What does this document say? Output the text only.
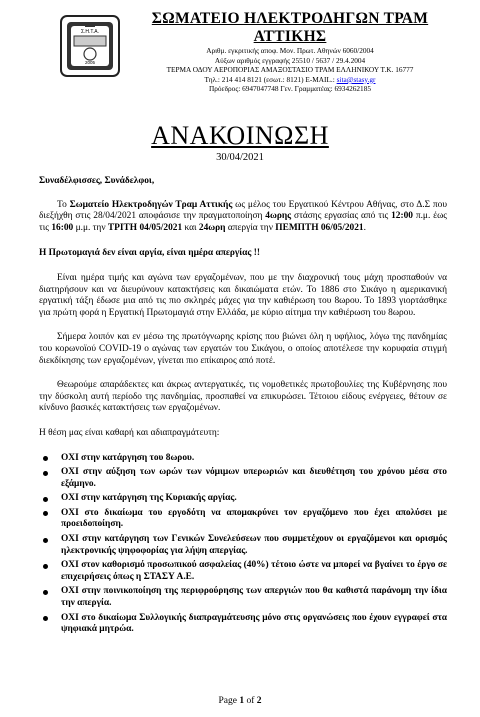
Σ.Η.Τ.Α.
2005
ΣΩΜΑΤΕΙΟ ΗΛΕΚΤΡΟΔΗΓΩΝ ΤΡΑΜ ΑΤΤΙΚΗΣ
Αριθμ. εγκριτικής αποφ. Μον. Πρωτ. Αθηνών 6060/2004
Αύξων αριθμός εγγραφής 25510 / 5637 / 29.4.2004
ΤΕΡΜΑ ΟΔΟΥ ΑΕΡΟΠΟΡΙΑΣ ΑΜΑΞΟΣΤΑΣΙΟ ΤΡΑΜ ΕΛΛΗΝΙΚΟΥ Τ.Κ. 16777
Τηλ.: 214 414 8121 (εσωτ.: 8121) E-MAIL.: sita@stasy.gr
Πρόεδρος: 6947047748 Γεν. Γραμματέας: 6934262185
ΑΝΑΚΟΙΝΩΣΗ
30/04/2021

Συναδέλφισσες, Συνάδελφοι,

Το Σωματείο Ηλεκτροδηγών Τραμ Αττικής ως μέλος του Εργατικού Κέντρου Αθήνας, στο Δ.Σ που διεξήχθη στις 28/04/2021 αποφάσισε την πραγματοποίηση 4ωρης στάσης εργασίας από τις 12:00 π.μ. έως τις 16:00 μ.μ. την ΤΡΙΤΗ 04/05/2021 και 24ωρη απεργία την ΠΕΜΠΤΗ 06/05/2021.

Η Πρωτομαγιά δεν είναι αργία, είναι ημέρα απεργίας !!

Είναι ημέρα τιμής και αγώνα των εργαζομένων, που με την διαχρονική τους μάχη προσπαθούν να διατηρήσουν και να διευρύνουν κατακτήσεις και δικαιώματα ετών. Το 1886 στο Σικάγο η αμερικανική εργατική τάξη έδωσε μια από τις πιο σκληρές μάχες για την καθιέρωση του 8ωρου. Το 1893 γιορτάσθηκε για πρώτη φορά η Εργατική Πρωτομαγιά στην Ελλάδα, με κύριο αίτημα την καθιέρωση του 8ωρου.

Σήμερα λοιπόν και εν μέσω της πρωτόγνωρης κρίσης που βιώνει όλη η υφήλιος, λόγω της πανδημίας του κορωνοϊού COVID-19 ο αγώνας των εργατών του Σικάγου, ο οποίος αποτέλεσε την κορυφαία στιγμή διεκδίκησης των εργαζομένων, γίνεται πιο επίκαιρος από ποτέ.

Θεωρούμε απαράδεκτες και άκρως αντεργατικές, τις νομοθετικές πρωτοβουλίες της Κυβέρνησης που την δύσκολη αυτή περίοδο της πανδημίας, προσπαθεί να επικυρώσει. Τέτοιου είδους ενέργειες, θέτουν σε κίνδυνο βασικές κατακτήσεις των εργαζομένων.

Η θέση μας είναι καθαρή και αδιαπραγμάτευτη:

ΟΧΙ στην κατάργηση του 8ωρου.
ΟΧΙ στην αύξηση των ωρών των νόμιμων υπερωριών και διευθέτηση του χρόνου μέσα στο εξάμηνο.
ΟΧΙ στην κατάργηση της Κυριακής αργίας.
ΟΧΙ στο δικαίωμα του εργοδότη να απομακρύνει τον εργαζόμενο που έχει απολύσει με προειδοποίηση.
ΟΧΙ στην κατάργηση των Γενικών Συνελεύσεων που συμμετέχουν οι εργαζόμενοι και ορισμός ηλεκτρονικής ψηφοφορίας για λήψη απεργίας.
ΟΧΙ στον καθορισμό προσωπικού ασφαλείας (40%) τέτοιο ώστε να μπορεί να βγαίνει το έργο σε επιχειρήσεις όπως η ΣΤΑΣΥ Α.Ε.
ΟΧΙ στην ποινικοποίηση της περιφρούρησης των απεργιών που θα καθιστά παράνομη την ίδια την απεργία.
ΟΧΙ στο δικαίωμα Συλλογικής διαπραγμάτευσης μόνο στις οργανώσεις που έχουν εγγραφεί στα ψηφιακά μητρώα.
Page 1 of 2
